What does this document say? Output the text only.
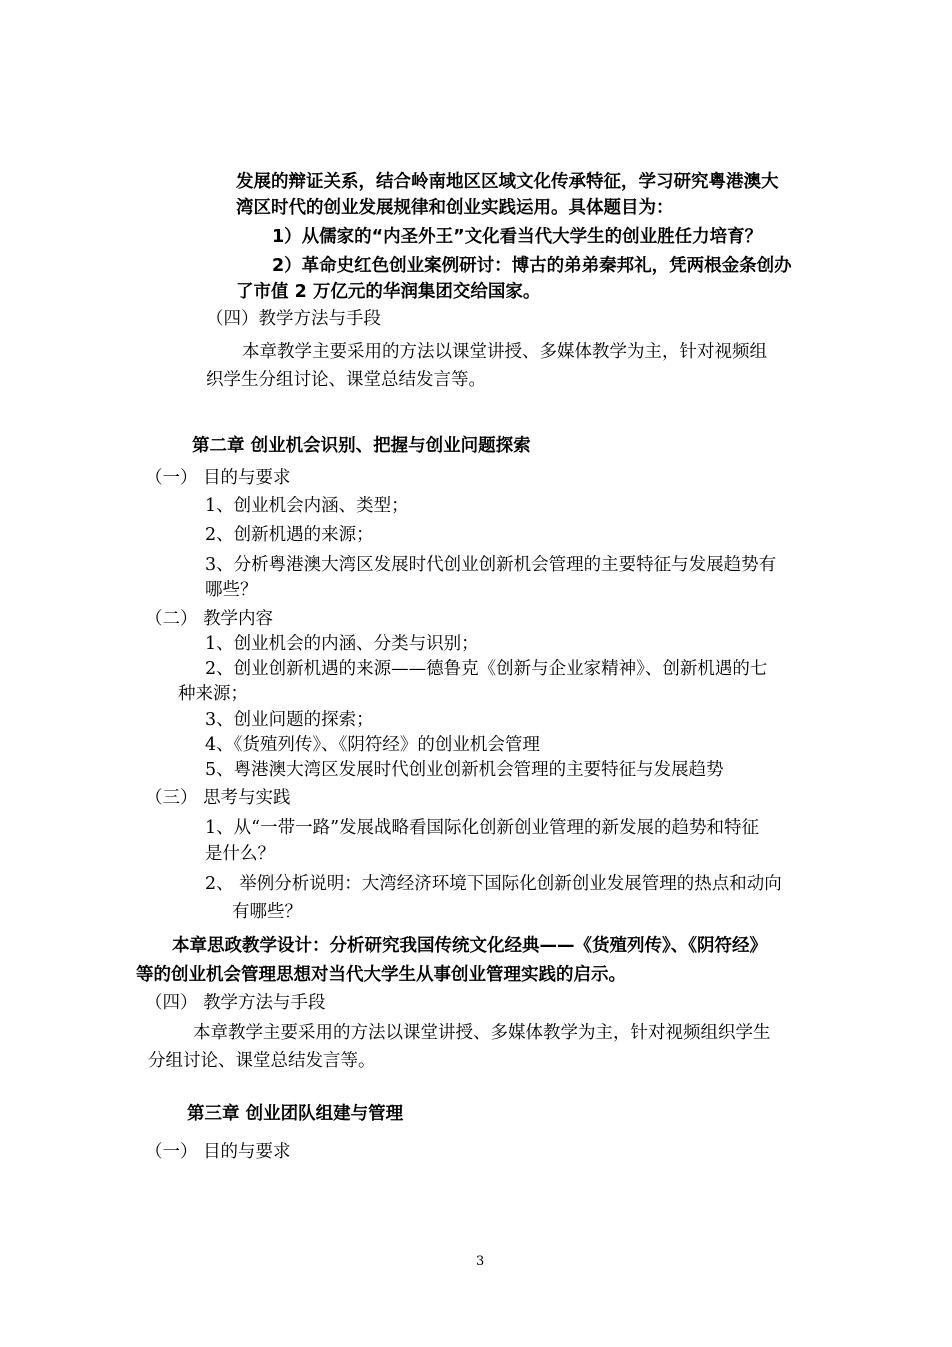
发展的辩证关系，结合岭南地区区域文化传承特征，学习研究粤港澳大
湾区时代的创业发展规律和创业实践运用。具体题目为：
1）从儒家的“内圣外王”文化看当代大学生的创业胜任力培育？
2）革命史红色创业案例研讨：博古的弟弟秦邦礼，凭两根金条创办
了市值 2 万亿元的华润集团交给国家。
（四）教学方法与手段
本章教学主要采用的方法以课堂讲授、多媒体教学为主，针对视频组
织学生分组讨论、课堂总结发言等。
第二章 创业机会识别、把握与创业问题探索
（一） 目的与要求
1、创业机会内涵、类型；
2、创新机遇的来源；
3、分析粤港澳大湾区发展时代创业创新机会管理的主要特征与发展趋势有
哪些？
（二） 教学内容
1、创业机会的内涵、分类与识别；
2、创业创新机遇的来源——德鲁克《创新与企业家精神》、创新机遇的七
种来源；
3、创业问题的探索；
4、《货殖列传》、《阴符经》的创业机会管理
5、粤港澳大湾区发展时代创业创新机会管理的主要特征与发展趋势
（三） 思考与实践
1、从“一带一路”发展战略看国际化创新创业管理的新发展的趋势和特征
是什么？
2、 举例分析说明：大湾经济环境下国际化创新创业发展管理的热点和动向
有哪些？
本章思政教学设计：分析研究我国传统文化经典——《货殖列传》、《阴符经》
等的创业机会管理思想对当代大学生从事创业管理实践的启示。
（四） 教学方法与手段
本章教学主要采用的方法以课堂讲授、多媒体教学为主，针对视频组织学生
分组讨论、课堂总结发言等。
第三章 创业团队组建与管理
（一） 目的与要求
3
